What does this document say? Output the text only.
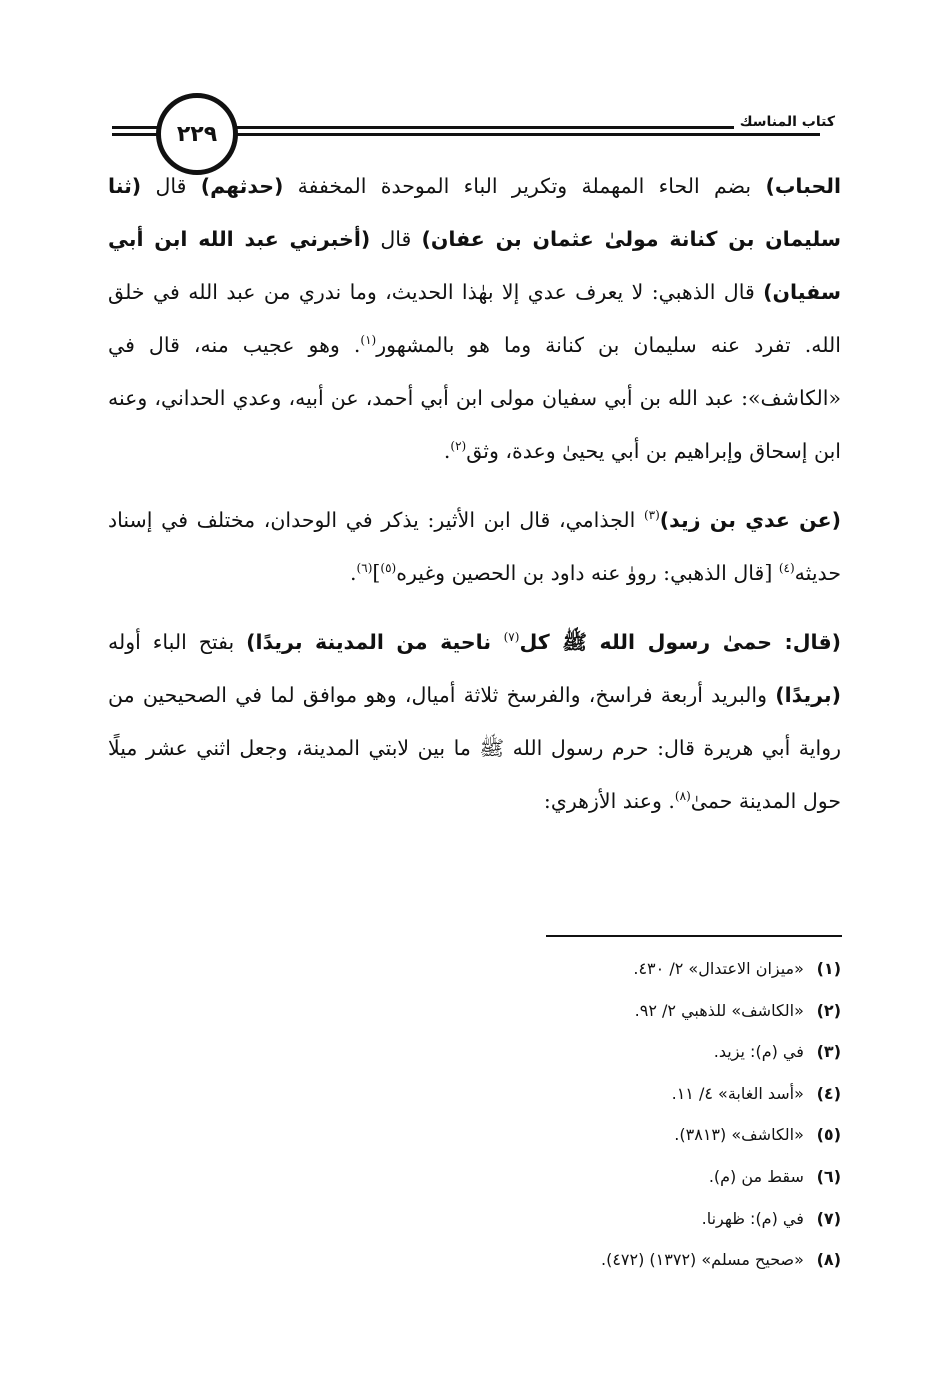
كتاب المناسك
٢٢٩

الحباب) بضم الحاء المهملة وتكرير الباء الموحدة المخففة (حدثهم) قال (ثنا سليمان بن كنانة مولىٰ عثمان بن عفان) قال (أخبرني عبد الله ابن أبي سفيان) قال الذهبي: لا يعرف عدي إلا بهٰذا الحديث، وما ندري من عبد الله في خلق الله. تفرد عنه سليمان بن كنانة وما هو بالمشهور$^{(١)}$. وهو عجيب منه، قال في «الكاشف»: عبد الله بن أبي سفيان مولى ابن أبي أحمد، عن أبيه، وعدي الحداني، وعنه ابن إسحاق وإبراهيم بن أبي يحيىٰ وعدة، وثق$^{(٢)}$.

(عن عدي بن زيد)$^{(٣)}$ الجذامي، قال ابن الأثير: يذكر في الوحدان، مختلف في إسناد حديثه$^{(٤)}$ [قال الذهبي: رووٰ عنه داود بن الحصين وغيره$^{(٥)}$]$^{(٦)}$.

(قال: حمىٰ رسول الله ﷺ كل$^{(٧)}$ ناحية من المدينة بريدًا) بفتح الباء أوله (بريدًا) والبريد أربعة فراسخ، والفرسخ ثلاثة أميال، وهو موافق لما في الصحيحين من رواية أبي هريرة قال: حرم رسول الله ﷺ ما بين لابتي المدينة، وجعل اثني عشر ميلًا حول المدينة حمىٰ$^{(٨)}$. وعند الأزهري:

(١) «ميزان الاعتدال» ٢/ ٤٣٠.
(٢) «الكاشف» للذهبي ٢/ ٩٢.
(٣) في (م): يزيد.
(٤) «أسد الغابة» ٤/ ١١.
(٥) «الكاشف» (٣٨١٣).
(٦) سقط من (م).
(٧) في (م): ظهرنا.
(٨) «صحيح مسلم» (١٣٧٢) (٤٧٢).
